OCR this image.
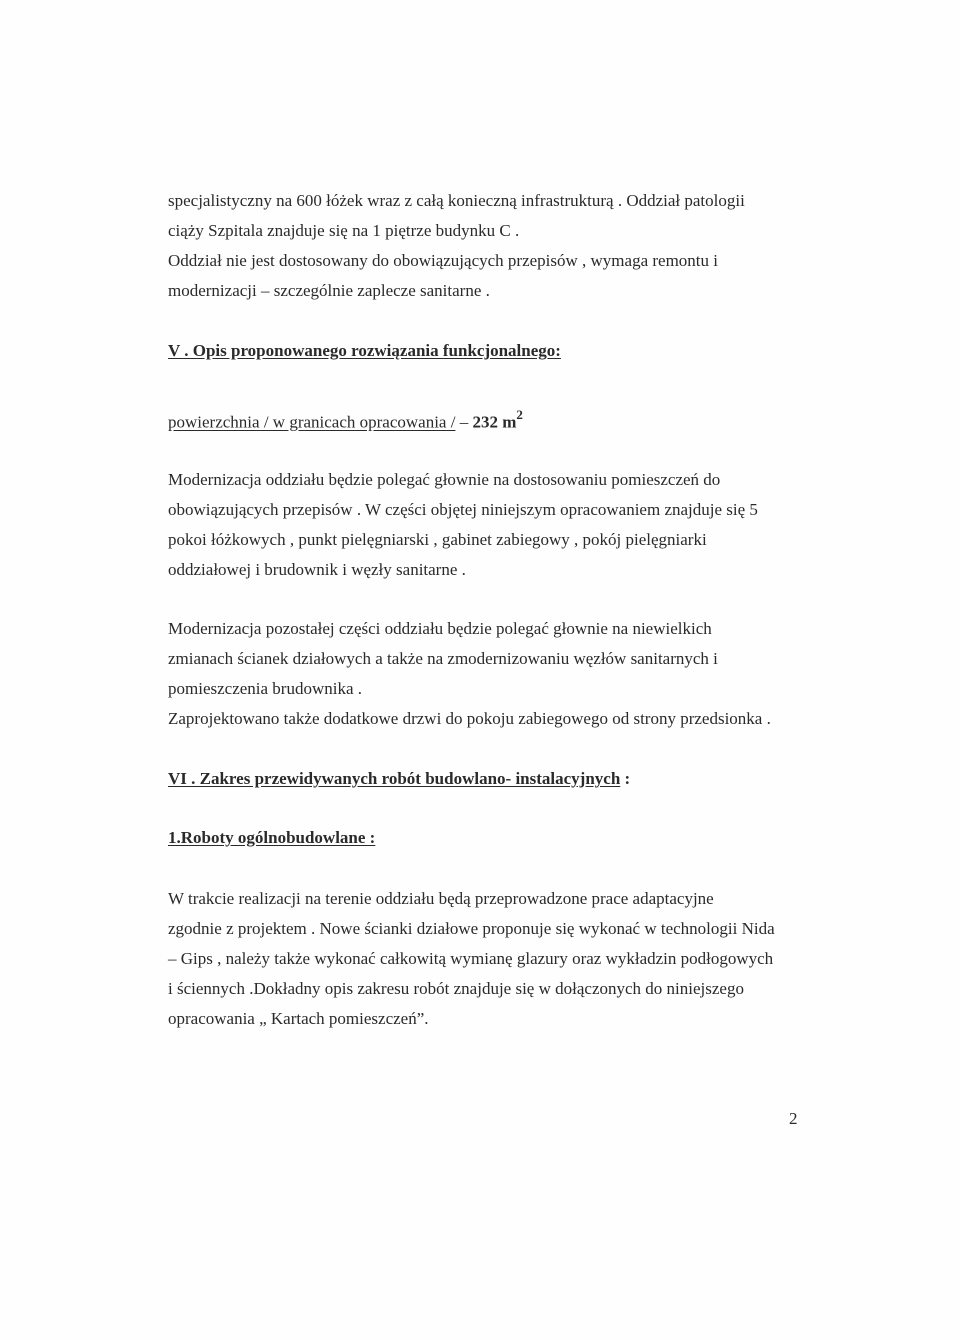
specjalistyczny na 600 łóżek wraz z całą konieczną infrastrukturą . Oddział patologii
ciąży Szpitala znajduje się na 1 piętrze budynku C .
Oddział nie jest dostosowany do obowiązujących przepisów , wymaga remontu i
modernizacji – szczególnie zaplecze sanitarne .
V . Opis proponowanego rozwiązania funkcjonalnego:
powierzchnia / w granicach opracowania / – 232 $m^2$
Modernizacja oddziału będzie polegać głownie na dostosowaniu pomieszczeń do
obowiązujących przepisów . W części objętej niniejszym opracowaniem znajduje się 5
pokoi łóżkowych , punkt pielęgniarski , gabinet zabiegowy , pokój pielęgniarki
oddziałowej i brudownik i węzły sanitarne .
Modernizacja pozostałej części oddziału będzie polegać głownie na niewielkich
zmianach ścianek działowych a także na zmodernizowaniu węzłów sanitarnych i
pomieszczenia brudownika .
Zaprojektowano także dodatkowe drzwi do pokoju zabiegowego od strony przedsionka .
VI . Zakres przewidywanych robót budowlano- instalacyjnych :
1.Roboty ogólnobudowlane :
W trakcie realizacji na terenie oddziału będą przeprowadzone prace adaptacyjne
zgodnie z projektem . Nowe ścianki działowe proponuje się wykonać w technologii Nida
– Gips , należy także wykonać całkowitą wymianę glazury oraz wykładzin podłogowych
i ściennych .Dokładny opis zakresu robót znajduje się w dołączonych do niniejszego
opracowania „ Kartach pomieszczeń”.
2
